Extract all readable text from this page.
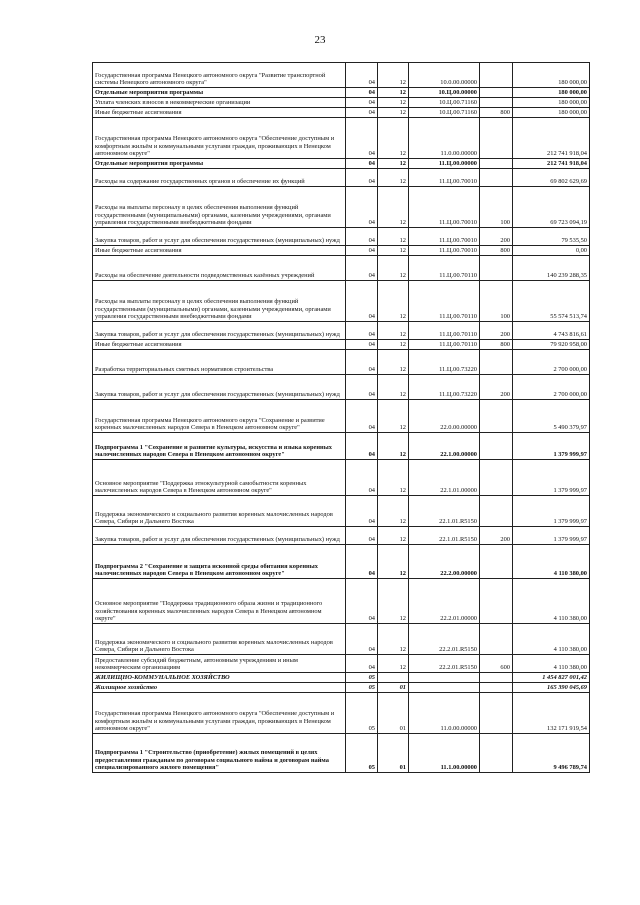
23
Государственная программа Ненецкого автономного округа "Развитие транспортной системы Ненецкого автономного округа"	04	12	10.0.00.00000		180 000,00
Отдельные мероприятия программы	04	12	10.Ц.00.00000		180 000,00
Уплата членских взносов в некоммерческие организации	04	12	10.Ц.00.71160		180 000,00
Иные бюджетные ассигнования	04	12	10.Ц.00.71160	800	180 000,00
Государственная программа Ненецкого автономного округа "Обеспечение доступным и комфортным жильём и коммунальными услугами граждан, проживающих в Ненецком автономном округе"	04	12	11.0.00.00000		212 741 918,04
Отдельные мероприятия программы	04	12	11.Ц.00.00000		212 741 918,04
Расходы на содержание государственных органов и обеспечение их функций	04	12	11.Ц.00.70010		69 802 629,69
Расходы на выплаты персоналу в целях обеспечения выполнения функций государственными (муниципальными) органами, казенными учреждениями, органами управления государственными внебюджетными фондами	04	12	11.Ц.00.70010	100	69 723 094,19
Закупка товаров, работ и услуг для обеспечения государственных (муниципальных) нужд	04	12	11.Ц.00.70010	200	79 535,50
Иные бюджетные ассигнования	04	12	11.Ц.00.70010	800	0,00
Расходы на обеспечение деятельности подведомственных казённых учреждений	04	12	11.Ц.00.70110		140 239 288,35
Расходы на выплаты персоналу в целях обеспечения выполнения функций государственными (муниципальными) органами, казенными учреждениями, органами управления государственными внебюджетными фондами	04	12	11.Ц.00.70110	100	55 574 513,74
Закупка товаров, работ и услуг для обеспечения государственных (муниципальных) нужд	04	12	11.Ц.00.70110	200	4 743 816,61
Иные бюджетные ассигнования	04	12	11.Ц.00.70110	800	79 920 958,00
Разработка территориальных сметных нормативов строительства	04	12	11.Ц.00.73220		2 700 000,00
Закупка товаров, работ и услуг для обеспечения государственных (муниципальных) нужд	04	12	11.Ц.00.73220	200	2 700 000,00
Государственная программа Ненецкого автономного округа "Сохранение и развитие коренных малочисленных народов Севера в Ненецком автономном округе"	04	12	22.0.00.00000		5 490 379,97
Подпрограмма 1 "Сохранение и развитие культуры, искусства и языка коренных малочисленных народов Севера в Ненецком автономном округе"	04	12	22.1.00.00000		1 379 999,97
Основное мероприятие "Поддержка этнокультурной самобытности коренных малочисленных народов Севера в Ненецком автономном округе"	04	12	22.1.01.00000		1 379 999,97
Поддержка экономического и социального развития коренных малочисленных народов Севера, Сибири и Дальнего Востока	04	12	22.1.01.R5150		1 379 999,97
Закупка товаров, работ и услуг для обеспечения государственных (муниципальных) нужд	04	12	22.1.01.R5150	200	1 379 999,97
Подпрограмма 2 "Сохранение и защита исконной среды обитания коренных малочисленных народов Севера в Ненецком автономном округе"	04	12	22.2.00.00000		4 110 380,00
Основное мероприятие "Поддержка традиционного образа жизни и традиционного хозяйствования коренных малочисленных народов Севера в Ненецком автономном округе"	04	12	22.2.01.00000		4 110 380,00
Поддержка экономического и социального развития коренных малочисленных народов Севера, Сибири и Дальнего Востока	04	12	22.2.01.R5150		4 110 380,00
Предоставление субсидий бюджетным, автономным учреждениям и иным некоммерческим организациям	04	12	22.2.01.R5150	600	4 110 380,00
ЖИЛИЩНО-КОММУНАЛЬНОЕ ХОЗЯЙСТВО	05				1 454 827 001,42
Жилищное хозяйство	05	01			165 390 045,69
Государственная программа Ненецкого автономного округа "Обеспечение доступным и комфортным жильём и коммунальными услугами граждан, проживающих в Ненецком автономном округе"	05	01	11.0.00.00000		132 171 919,54
Подпрограмма 1 "Строительство (приобретение) жилых помещений в целях предоставления гражданам по договорам социального найма и договорам найма специализированного жилого помещения"	05	01	11.1.00.00000		9 496 789,74
